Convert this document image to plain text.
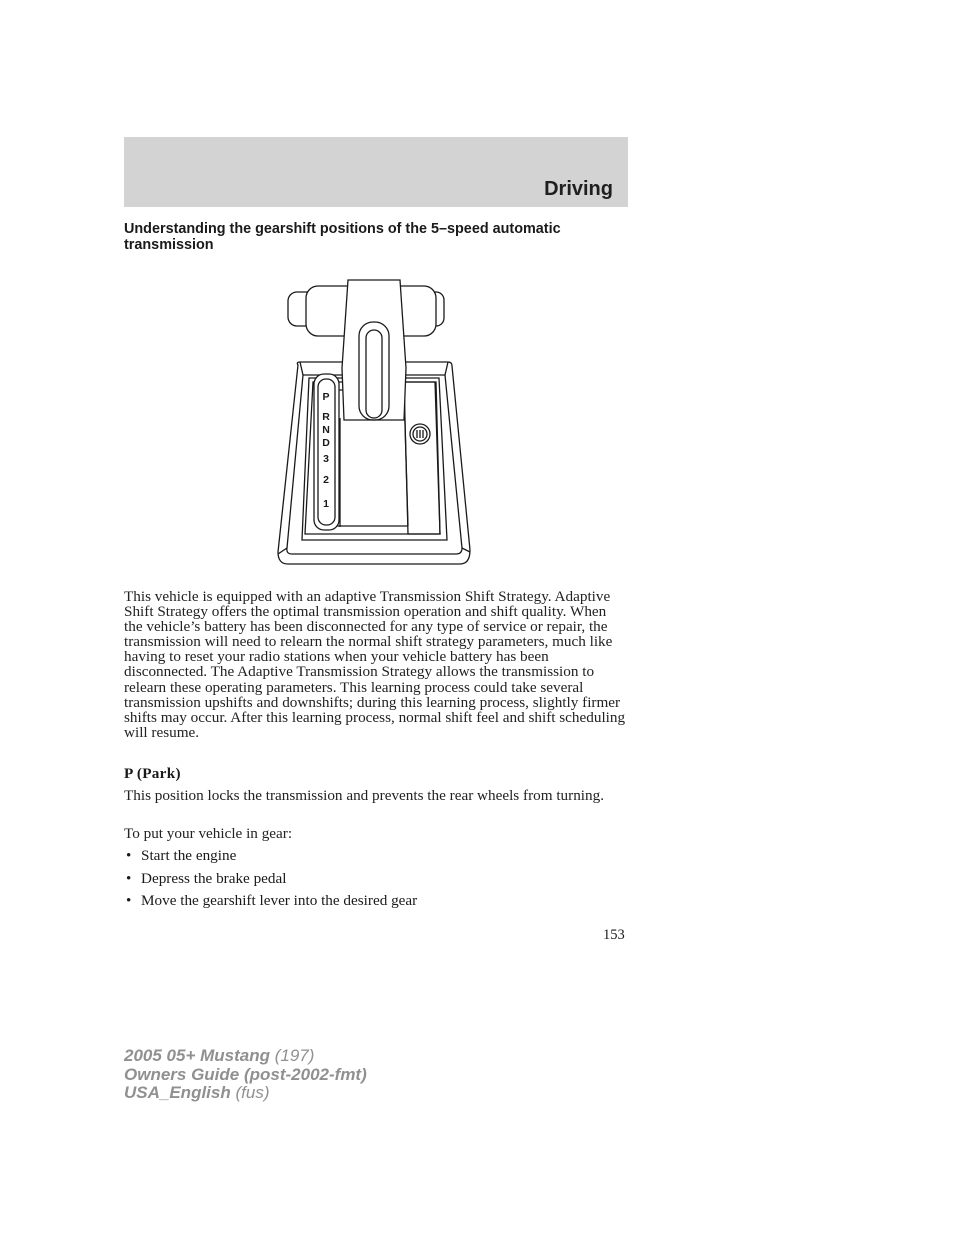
Driving
Understanding the gearshift positions of the 5–speed automatic transmission
P
R
N
D
3
2
1
This vehicle is equipped with an adaptive Transmission Shift Strategy. Adaptive Shift Strategy offers the optimal transmission operation and shift quality. When the vehicle’s battery has been disconnected for any type of service or repair, the transmission will need to relearn the normal shift strategy parameters, much like having to reset your radio stations when your vehicle battery has been disconnected. The Adaptive Transmission Strategy allows the transmission to relearn these operating parameters. This learning process could take several transmission upshifts and downshifts; during this learning process, slightly firmer shifts may occur. After this learning process, normal shift feel and shift scheduling will resume.
P (Park)
This position locks the transmission and prevents the rear wheels from turning.
To put your vehicle in gear:
• Start the engine
• Depress the brake pedal
• Move the gearshift lever into the desired gear
153
2005 05+ Mustang (197)
Owners Guide (post-2002-fmt)
USA_English (fus)
